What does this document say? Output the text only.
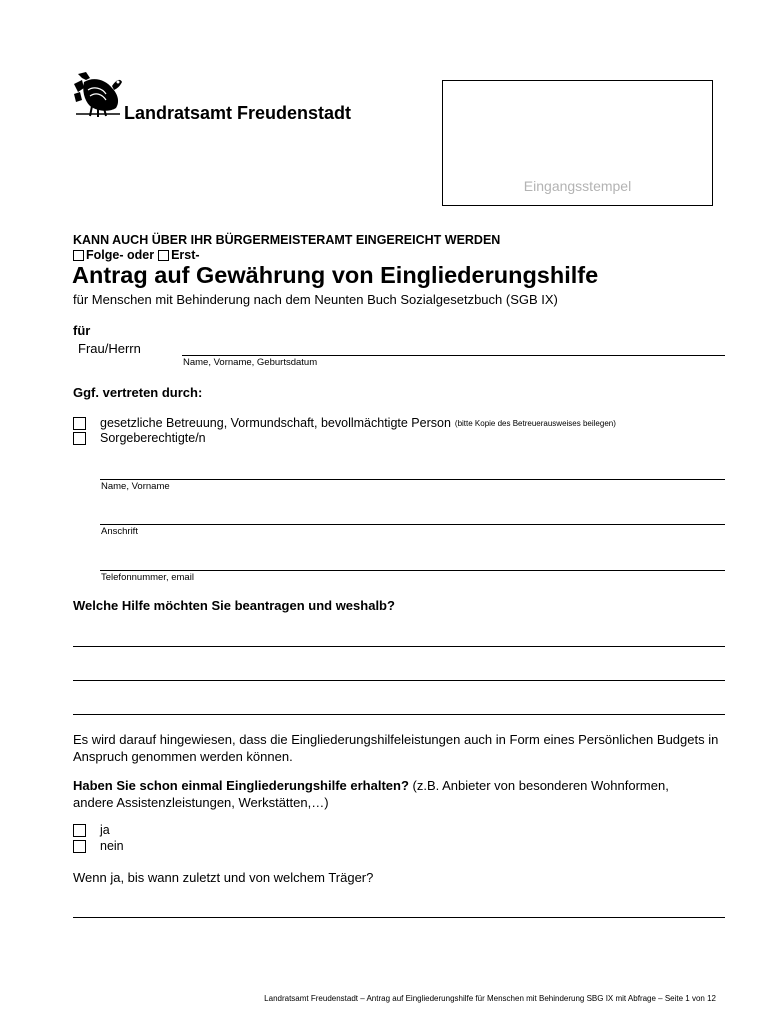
Landratsamt Freudenstadt
Eingangsstempel
KANN AUCH ÜBER IHR BÜRGERMEISTERAMT EINGEREICHT WERDEN
Folge- oder Erst-
Antrag auf Gewährung von Eingliederungshilfe
für Menschen mit Behinderung nach dem Neunten Buch Sozialgesetzbuch (SGB IX)
für
Frau/Herrn
Name, Vorname, Geburtsdatum
Ggf. vertreten durch:
gesetzliche Betreuung, Vormundschaft, bevollmächtigte Person (bitte Kopie des Betreuerausweises beilegen)
Sorgeberechtigte/n
Name, Vorname
Anschrift
Telefonnummer, email
Welche Hilfe möchten Sie beantragen und weshalb?
Es wird darauf hingewiesen, dass die Eingliederungshilfeleistungen auch in Form eines Persönlichen Budgets in Anspruch genommen werden können.
Haben Sie schon einmal Eingliederungshilfe erhalten? (z.B. Anbieter von besonderen Wohnformen, andere Assistenzleistungen, Werkstätten,…)
ja
nein
Wenn ja, bis wann zuletzt und von welchem Träger?
Landratsamt Freudenstadt – Antrag auf Eingliederungshilfe für Menschen mit Behinderung SBG IX mit Abfrage – Seite 1 von 12
